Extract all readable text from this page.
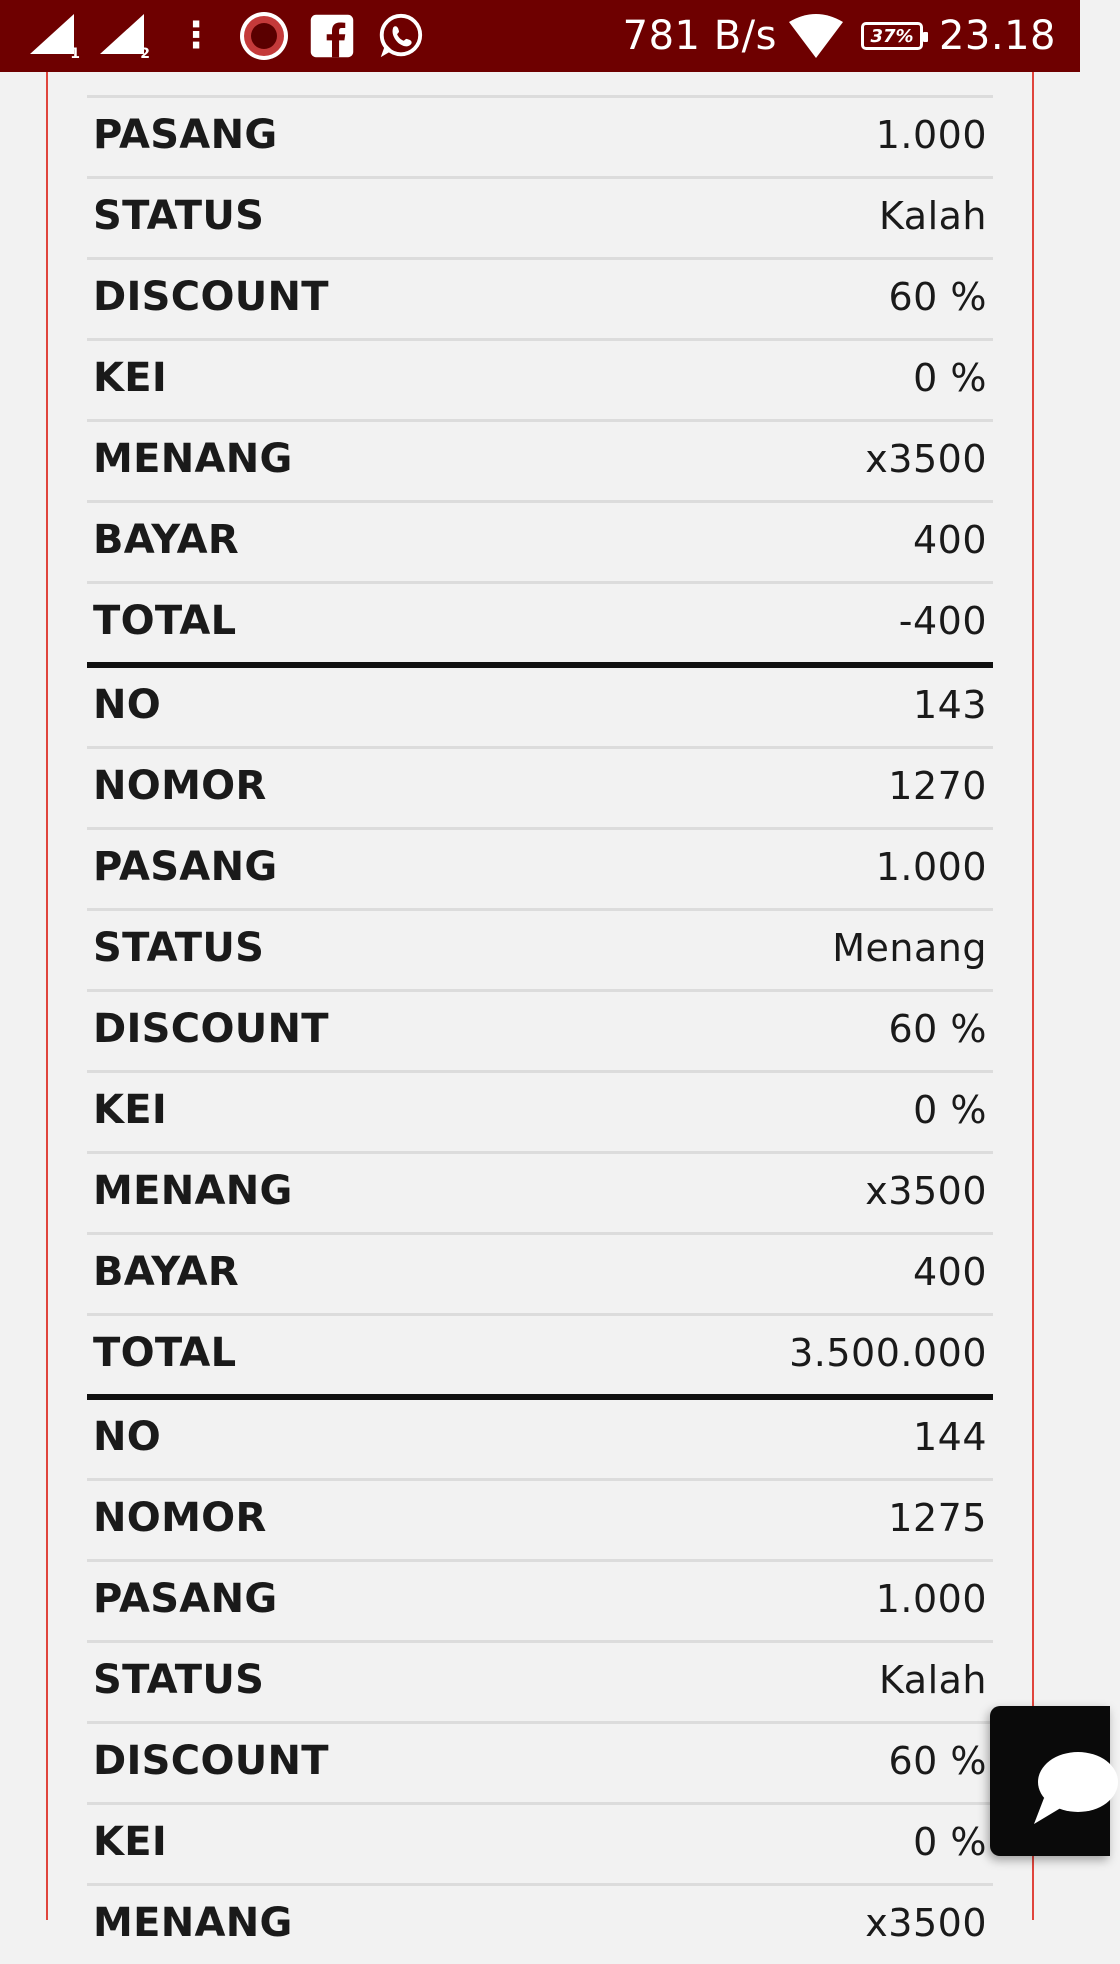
1	2 ⋮	781 B/s	37% 23.18
PASANG	1.000
STATUS	Kalah
DISCOUNT	60 %
KEI	0 %
MENANG	x3500
BAYAR	400
TOTAL	-400
NO	143
NOMOR	1270
PASANG	1.000
STATUS	Menang
DISCOUNT	60 %
KEI	0 %
MENANG	x3500
BAYAR	400
TOTAL	3.500.000
NO	144
NOMOR	1275
PASANG	1.000
STATUS	Kalah
DISCOUNT	60 %
KEI	0 %
MENANG	x3500
